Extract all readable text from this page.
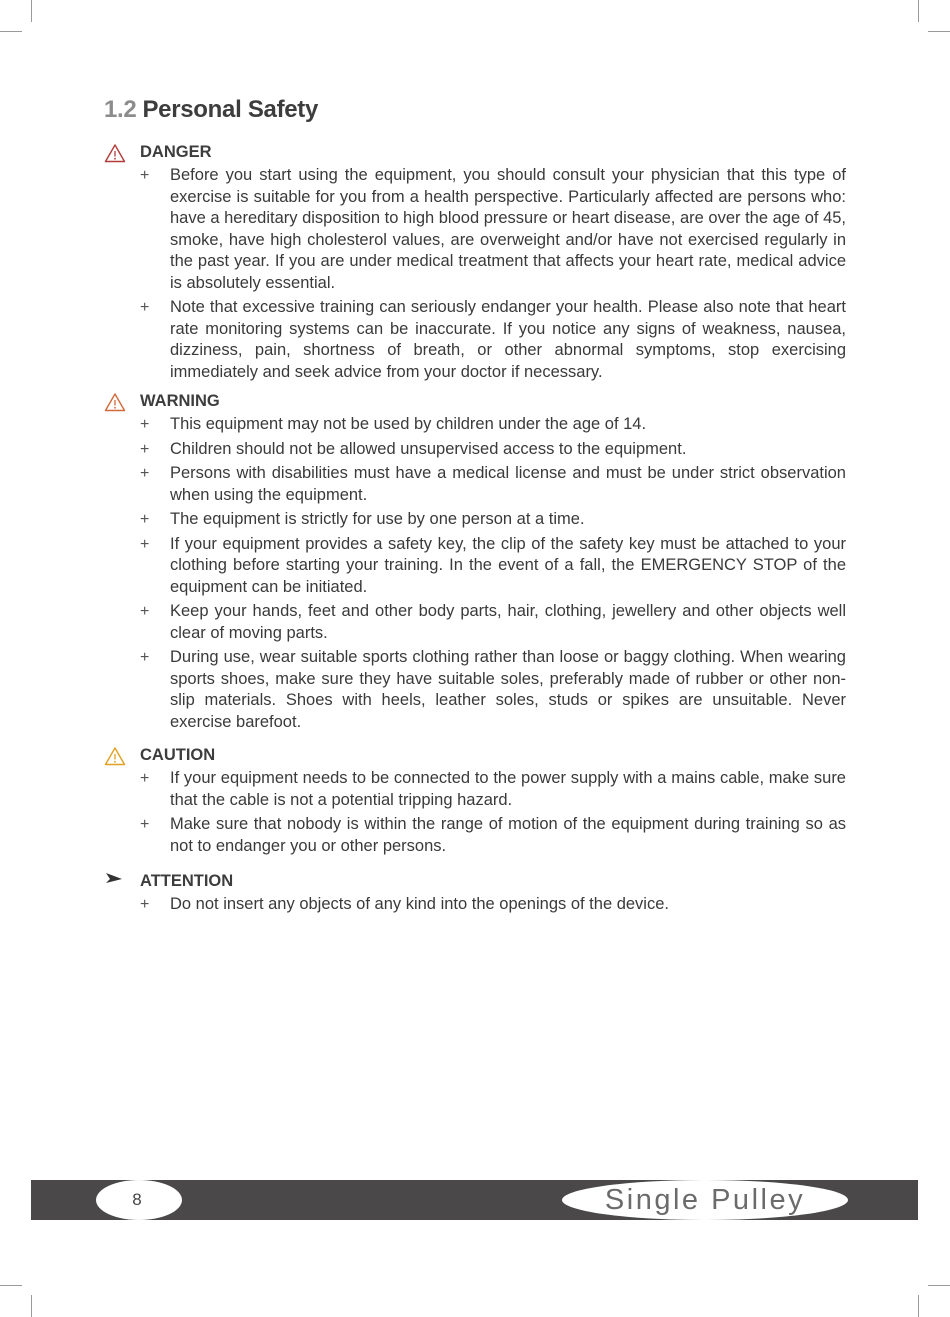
1.2 Personal Safety
DANGER
+ Before you start using the equipment, you should consult your physician that this type of exercise is suitable for you from a health perspective. Particularly affected are persons who: have a hereditary disposition to high blood pressure or heart disease, are over the age of 45, smoke, have high cholesterol values, are overweight and/or have not exercised regularly in the past year. If you are under medical treatment that affects your heart rate, medical advice is absolutely essential.
+ Note that excessive training can seriously endanger your health. Please also note that heart rate monitoring systems can be inaccurate. If you notice any signs of weakness, nausea, dizziness, pain, shortness of breath, or other abnormal symptoms, stop exercising immediately and seek advice from your doctor if necessary.
WARNING
+ This equipment may not be used by children under the age of 14.
+ Children should not be allowed unsupervised access to the equipment.
+ Persons with disabilities must have a medical license and must be under strict observation when using the equipment.
+ The equipment is strictly for use by one person at a time.
+ If your equipment provides a safety key, the clip of the safety key must be attached to your clothing before starting your training. In the event of a fall, the EMERGENCY STOP of the equipment can be initiated.
+ Keep your hands, feet and other body parts, hair, clothing, jewellery and other objects well clear of moving parts.
+ During use, wear suitable sports clothing rather than loose or baggy clothing. When wearing sports shoes, make sure they have suitable soles, preferably made of rubber or other non-slip materials. Shoes with heels, leather soles, studs or spikes are unsuitable. Never exercise barefoot.
CAUTION
+ If your equipment needs to be connected to the power supply with a mains cable, make sure that the cable is not a potential tripping hazard.
+ Make sure that nobody is within the range of motion of the equipment during training so as not to endanger you or other persons.
ATTENTION
+ Do not insert any objects of any kind into the openings of the device.
8	Single Pulley
